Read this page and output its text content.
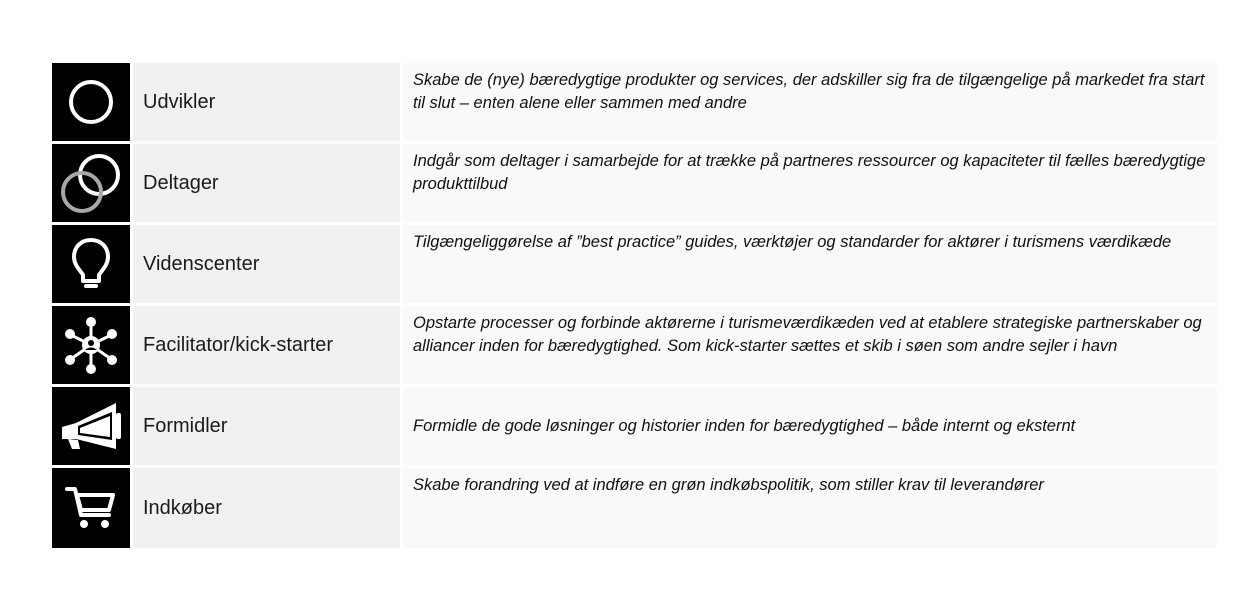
Udvikler
Skabe de (nye) bæredygtige produkter og services, der adskiller sig fra de tilgængelige på markedet fra start til slut – enten alene eller sammen med andre
Deltager
Indgår som deltager i samarbejde for at trække på partneres ressourcer og kapaciteter til fælles bæredygtige produkttilbud
Videnscenter
Tilgængeliggørelse af ”best practice” guides, værktøjer og standarder for aktører i turismens værdikæde
Facilitator/kick-starter
Opstarte processer og forbinde aktørerne i turismeværdikæden ved at etablere strategiske partnerskaber og alliancer inden for bæredygtighed. Som kick-starter sættes et skib i søen som andre sejler i havn
Formidler	Formidle de gode løsninger og historier inden for bæredygtighed – både internt og eksternt
Indkøber
Skabe forandring ved at indføre en grøn indkøbspolitik, som stiller krav til leverandører
